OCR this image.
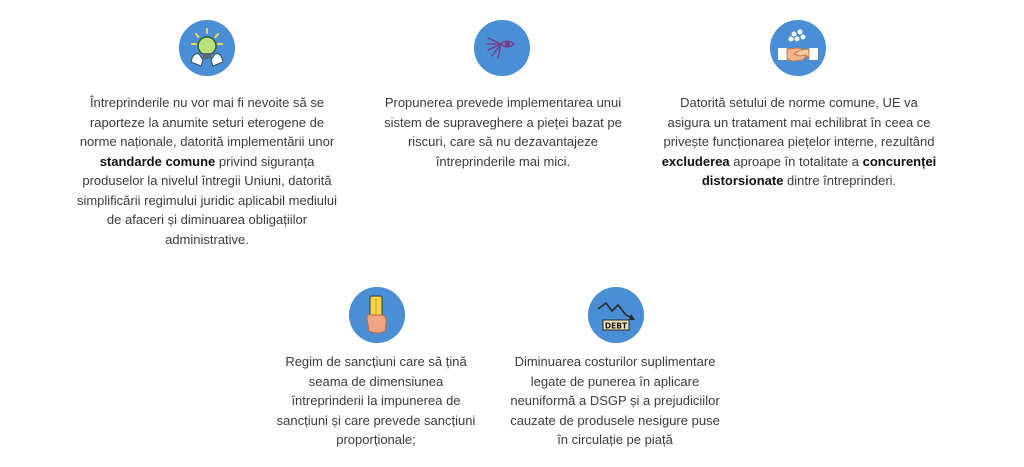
Întreprinderile nu vor mai fi nevoite să se raporteze la anumite seturi eterogene de norme naționale, datorită implementării unor standarde comune privind siguranța produselor la nivelul întregii Uniuni, datorită simplificării regimului juridic aplicabil mediului de afaceri și diminuarea obligațiilor administrative.
Propunerea prevede implementarea unui sistem de supraveghere a pieței bazat pe riscuri, care să nu dezavantajeze întreprinderile mai mici.
Datorită setului de norme comune, UE va asigura un tratament mai echilibrat în ceea ce privește funcționarea piețelor interne, rezultând excluderea aproape în totalitate a concurenței distorsionate dintre întreprinderi.
Regim de sancțiuni care să țină seama de dimensiunea întreprinderii la impunerea de sancțiuni și care prevede sancțiuni proporționale;
DEBT
Diminuarea costurilor suplimentare legate de punerea în aplicare neuniformă a DSGP și a prejudiciilor cauzate de produsele nesigure puse în circulație pe piață
